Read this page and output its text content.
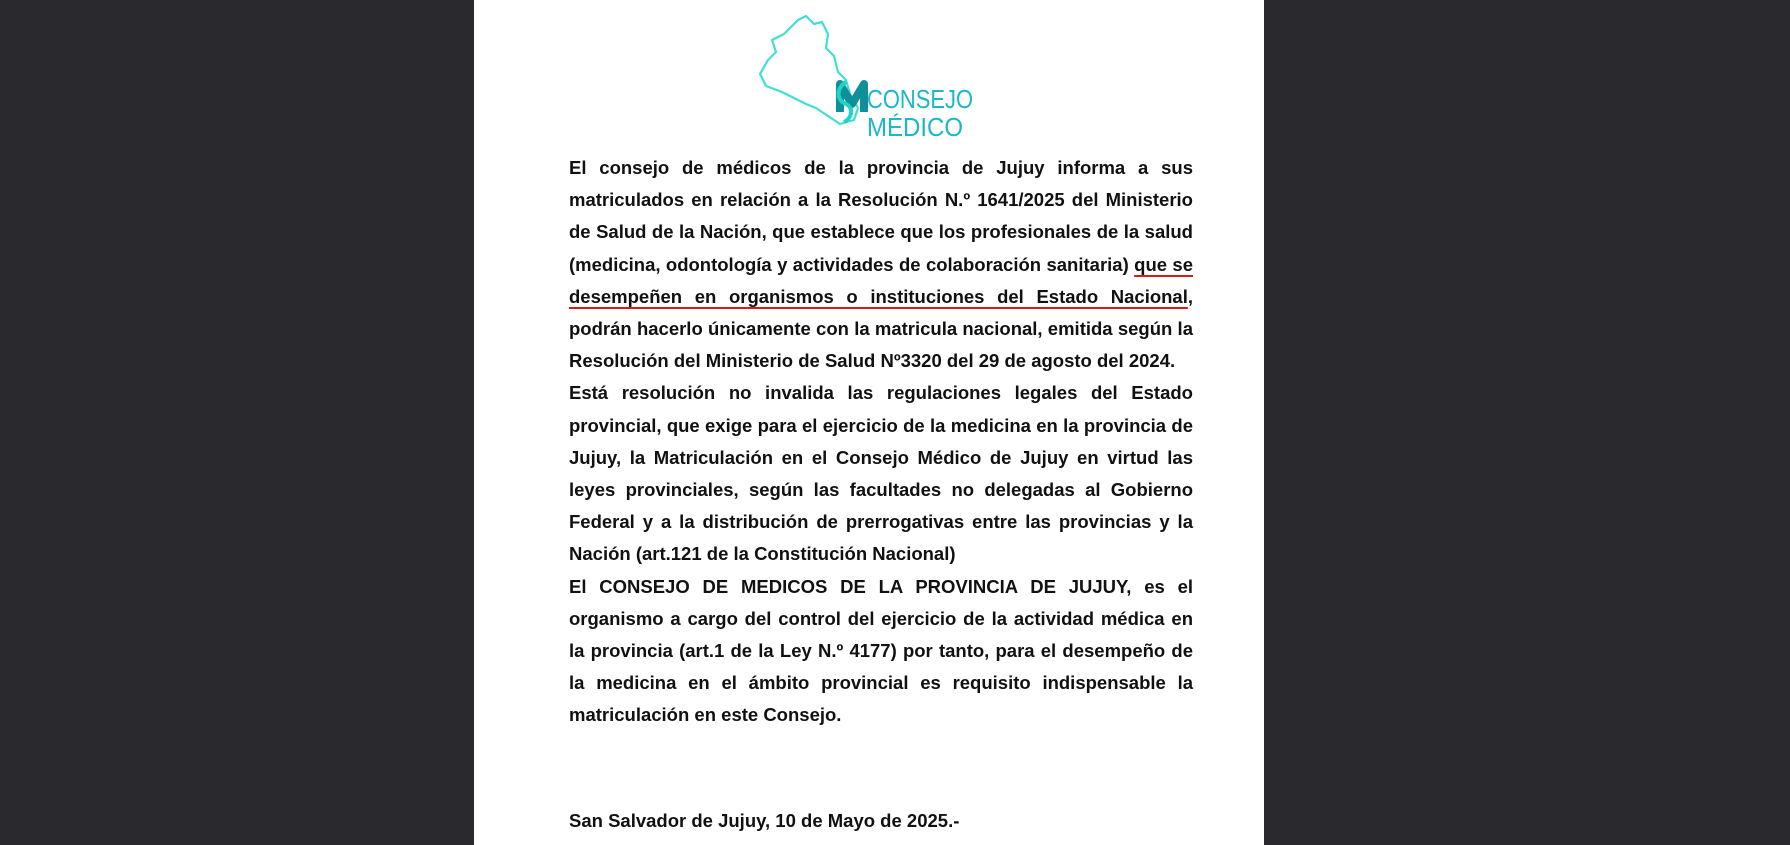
CONSEJO
MÉDICO

El consejo de médicos de la provincia de Jujuy informa a sus matriculados en relación a la Resolución N.º 1641/2025 del Ministerio de Salud de la Nación, que establece que los profesionales de la salud (medicina, odontología y actividades de colaboración sanitaria) que se desempeñen en organismos o instituciones del Estado Nacional, podrán hacerlo únicamente con la matricula nacional, emitida según la Resolución del Ministerio de Salud Nº3320 del 29 de agosto del 2024.

Está resolución no invalida las regulaciones legales del Estado provincial, que exige para el ejercicio de la medicina en la provincia de Jujuy, la Matriculación en el Consejo Médico de Jujuy en virtud las leyes provinciales, según las facultades no delegadas al Gobierno Federal y a la distribución de prerrogativas entre las provincias y la Nación (art.121 de la Constitución Nacional)

El CONSEJO DE MEDICOS DE LA PROVINCIA DE JUJUY, es el organismo a cargo del control del ejercicio de la actividad médica en la provincia (art.1 de la Ley N.º 4177) por tanto, para el desempeño de la medicina en el ámbito provincial es requisito indispensable la matriculación en este Consejo.

San Salvador de Jujuy, 10 de Mayo de 2025.-
